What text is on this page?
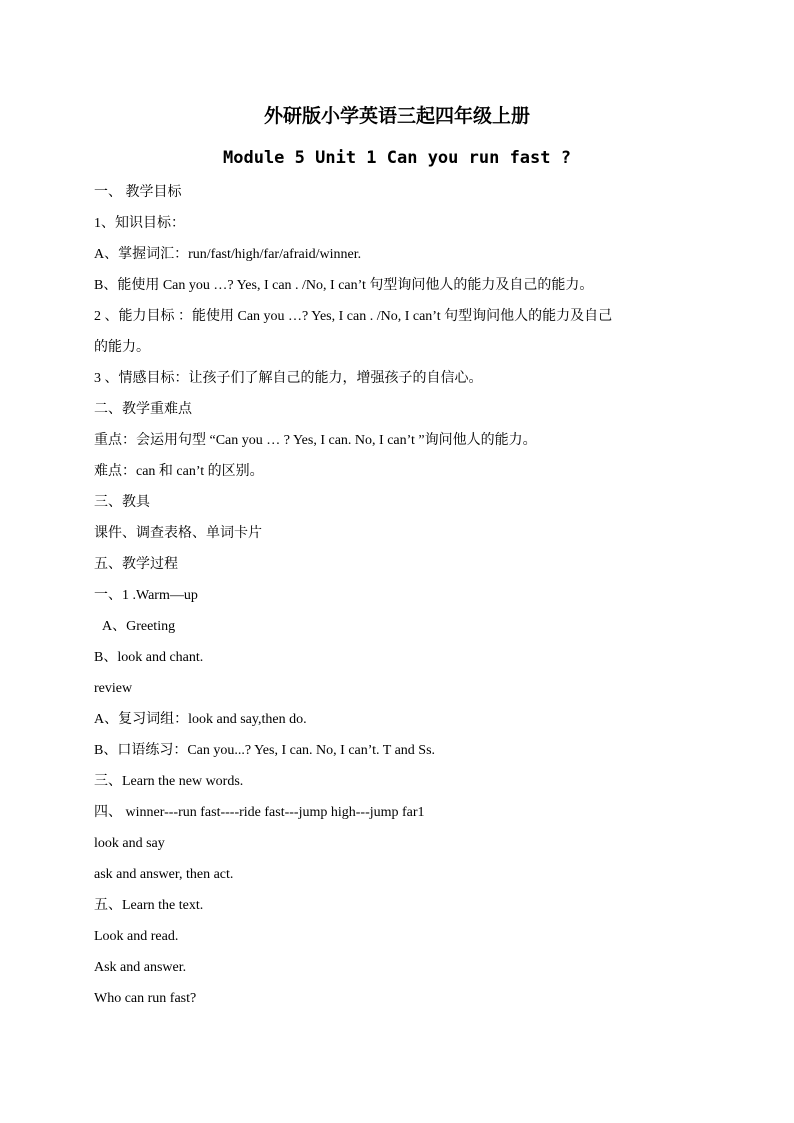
外研版小学英语三起四年级上册
Module 5 Unit 1 Can you run fast ?
一、 教学目标
1、知识目标：
A、掌握词汇：run/fast/high/far/afraid/winner.
B、能使用 Can you …? Yes, I can . /No, I can’t 句型询问他人的能力及自己的能力。
2 、能力目标 ：能使用 Can you …? Yes, I can . /No, I can’t 句型询问他人的能力及自己
的能力。
3 、情感目标：让孩子们了解自己的能力，增强孩子的自信心。
二、教学重难点
重点：会运用句型 “Can you … ? Yes, I can. No, I can’t ”询问他人的能力。
难点：can 和 can’t 的区别。
三、教具
课件、调查表格、单词卡片
五、教学过程
一、1 .Warm—up
A、Greeting
B、look and chant.
review
A、复习词组：look and say,then do.
B、口语练习：Can you...? Yes, I can. No, I can’t. T and Ss.
三、Learn the new words.
四、 winner---run fast----ride fast---jump high---jump far1
look and say
ask and answer, then act.
五、Learn the text.
Look and read.
Ask and answer.
Who can run fast?
